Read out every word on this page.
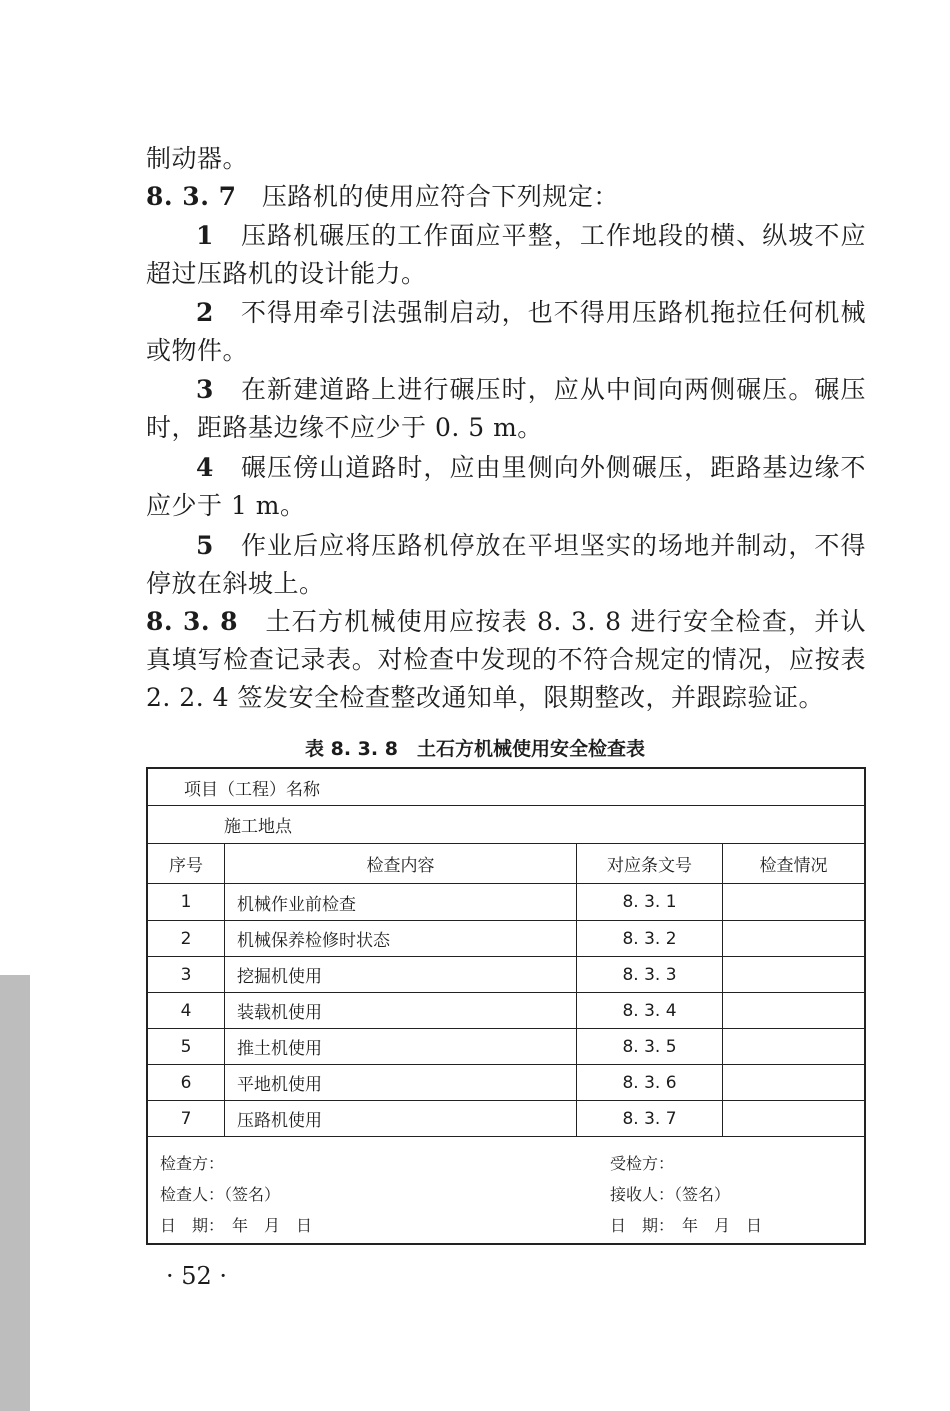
制动器。

8. 3. 7 压路机的使用应符合下列规定：

1 压路机碾压的工作面应平整，工作地段的横、纵坡不应超过压路机的设计能力。

2 不得用牵引法强制启动，也不得用压路机拖拉任何机械或物件。

3 在新建道路上进行碾压时，应从中间向两侧碾压。碾压时，距路基边缘不应少于 0. 5 m。

4 碾压傍山道路时，应由里侧向外侧碾压，距路基边缘不应少于 1 m。

5 作业后应将压路机停放在平坦坚实的场地并制动，不得停放在斜坡上。

8. 3. 8 土石方机械使用应按表 8. 3. 8 进行安全检查，并认真填写检查记录表。对检查中发现的不符合规定的情况，应按表 2. 2. 4 签发安全检查整改通知单，限期整改，并跟踪验证。

表 8. 3. 8　土石方机械使用安全检查表
项目（工程）名称
施工地点
序号	检查内容	对应条文号	检查情况
1	机械作业前检查	8. 3. 1
2	机械保养检修时状态	8. 3. 2
3	挖掘机使用	8. 3. 3
4	装载机使用	8. 3. 4
5	推土机使用	8. 3. 5
6	平地机使用	8. 3. 6
7	压路机使用	8. 3. 7
检查方：
检查人：（签名）
日　期：　年　月　日
受检方：
接收人：（签名）
日　期：　年　月　日
· 52 ·
